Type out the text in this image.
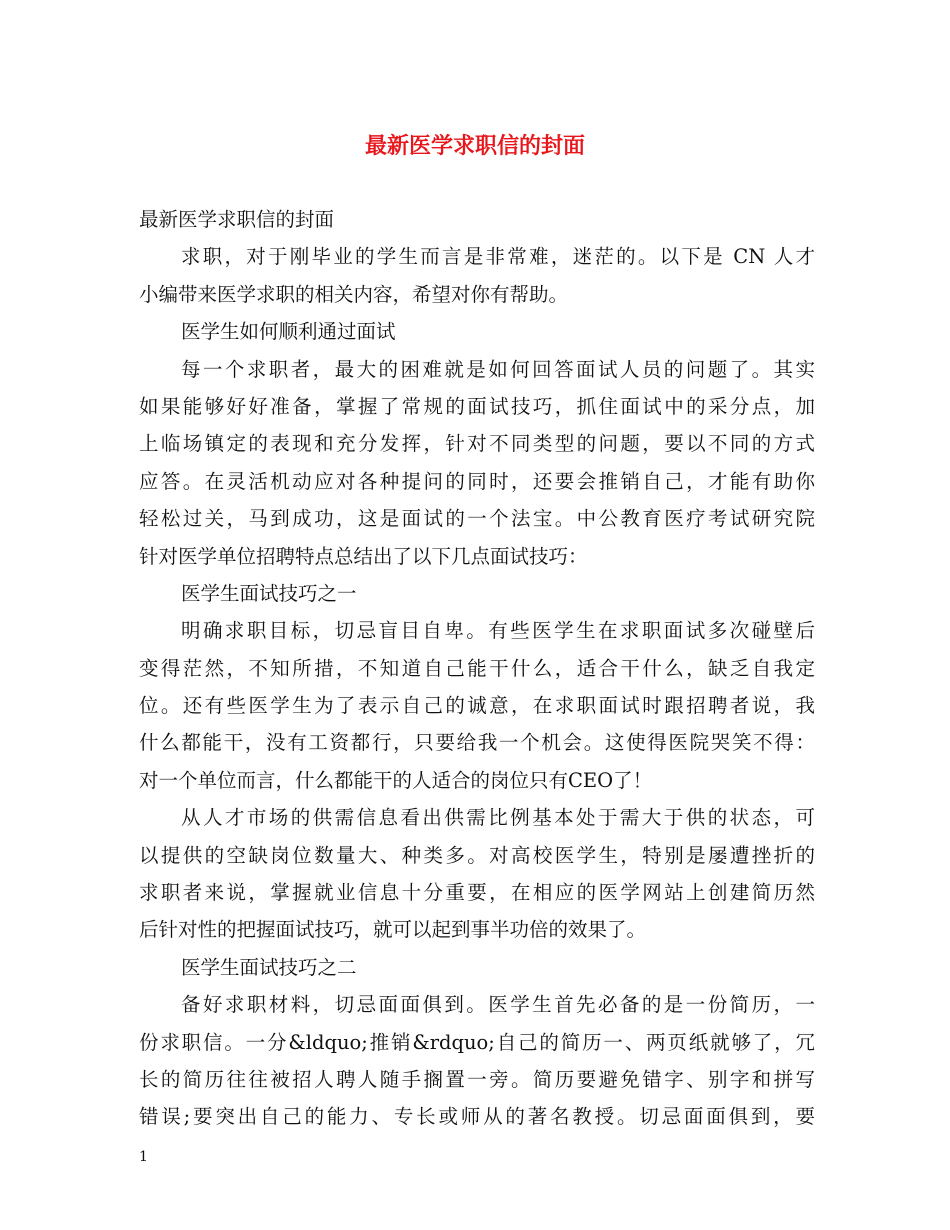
最新医学求职信的封面

最新医学求职信的封面

求职，对于刚毕业的学生而言是非常难，迷茫的。以下是 CN 人才

小编带来医学求职的相关内容，希望对你有帮助。

医学生如何顺利通过面试

每一个求职者，最大的困难就是如何回答面试人员的问题了。其实

如果能够好好准备，掌握了常规的面试技巧，抓住面试中的采分点，加

上临场镇定的表现和充分发挥，针对不同类型的问题，要以不同的方式

应答。在灵活机动应对各种提问的同时，还要会推销自己，才能有助你

轻松过关，马到成功，这是面试的一个法宝。中公教育医疗考试研究院

针对医学单位招聘特点总结出了以下几点面试技巧：

医学生面试技巧之一

明确求职目标，切忌盲目自卑。有些医学生在求职面试多次碰壁后

变得茫然，不知所措，不知道自己能干什么，适合干什么，缺乏自我定

位。还有些医学生为了表示自己的诚意，在求职面试时跟招聘者说，我

什么都能干，没有工资都行，只要给我一个机会。这使得医院哭笑不得：

对一个单位而言，什么都能干的人适合的岗位只有CEO了！

从人才市场的供需信息看出供需比例基本处于需大于供的状态，可

以提供的空缺岗位数量大、种类多。对高校医学生，特别是屡遭挫折的

求职者来说，掌握就业信息十分重要，在相应的医学网站上创建简历然

后针对性的把握面试技巧，就可以起到事半功倍的效果了。

医学生面试技巧之二

备好求职材料，切忌面面俱到。医学生首先必备的是一份简历，一

份求职信。一分&ldquo;推销&rdquo;自己的简历一、两页纸就够了，冗

长的简历往往被招人聘人随手搁置一旁。简历要避免错字、别字和拼写

错误;要突出自己的能力、专长或师从的著名教授。切忌面面俱到，要

1
